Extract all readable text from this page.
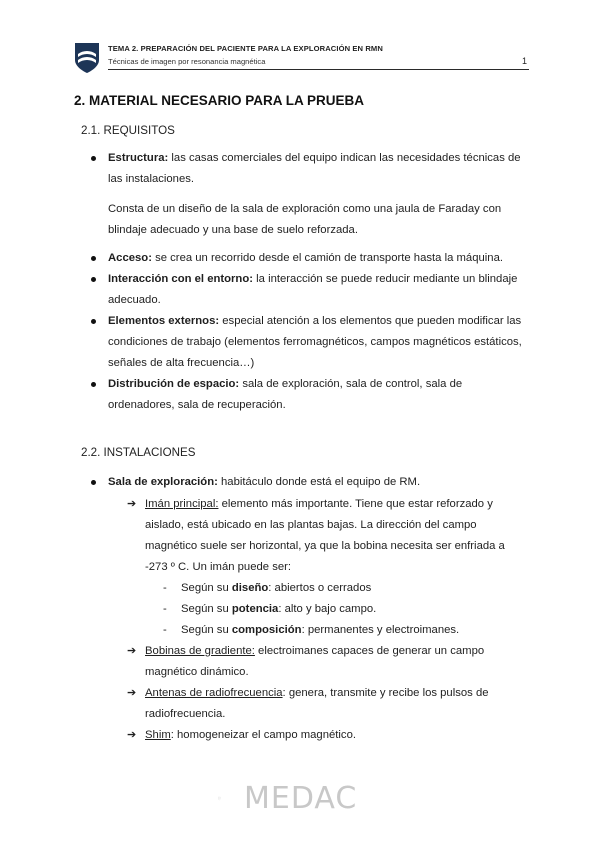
TEMA 2. PREPARACIÓN DEL PACIENTE PARA LA EXPLORACIÓN EN RMN
Técnicas de imagen por resonancia magnética	1
2. MATERIAL NECESARIO PARA LA PRUEBA
2.1. REQUISITOS
Estructura: las casas comerciales del equipo indican las necesidades técnicas de las instalaciones.
Consta de un diseño de la sala de exploración como una jaula de Faraday con blindaje adecuado y una base de suelo reforzada.
Acceso: se crea un recorrido desde el camión de transporte hasta la máquina.
Interacción con el entorno: la interacción se puede reducir mediante un blindaje adecuado.
Elementos externos: especial atención a los elementos que pueden modificar las condiciones de trabajo (elementos ferromagnéticos, campos magnéticos estáticos, señales de alta frecuencia…)
Distribución de espacio: sala de exploración, sala de control, sala de ordenadores, sala de recuperación.
2.2. INSTALACIONES
Sala de exploración: habitáculo donde está el equipo de RM.
➔ Imán principal: elemento más importante. Tiene que estar reforzado y aislado, está ubicado en las plantas bajas. La dirección del campo magnético suele ser horizontal, ya que la bobina necesita ser enfriada a -273 º C. Un imán puede ser:
- Según su diseño: abiertos o cerrados
- Según su potencia: alto y bajo campo.
- Según su composición: permanentes y electroimanes.
➔ Bobinas de gradiente: electroimanes capaces de generar un campo magnético dinámico.
➔ Antenas de radiofrecuencia: genera, transmite y recibe los pulsos de radiofrecuencia.
➔ Shim: homogeneizar el campo magnético.
MEDAC
